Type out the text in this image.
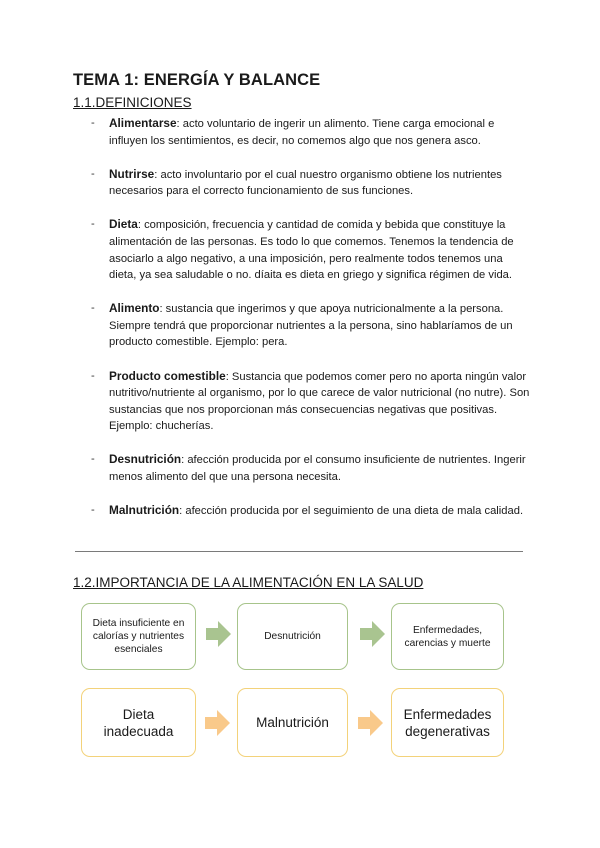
TEMA 1: ENERGÍA Y BALANCE
1.1.DEFINICIONES
- Alimentarse: acto voluntario de ingerir un alimento. Tiene carga emocional e influyen los sentimientos, es decir, no comemos algo que nos genera asco.
- Nutrirse: acto involuntario por el cual nuestro organismo obtiene los nutrientes necesarios para el correcto funcionamiento de sus funciones.
- Dieta: composición, frecuencia y cantidad de comida y bebida que constituye la alimentación de las personas. Es todo lo que comemos. Tenemos la tendencia de asociarlo a algo negativo, a una imposición, pero realmente todos tenemos una dieta, ya sea saludable o no. díaita es dieta en griego y significa régimen de vida.
- Alimento: sustancia que ingerimos y que apoya nutricionalmente a la persona. Siempre tendrá que proporcionar nutrientes a la persona, sino hablaríamos de un producto comestible. Ejemplo: pera.
- Producto comestible: Sustancia que podemos comer pero no aporta ningún valor nutritivo/nutriente al organismo, por lo que carece de valor nutricional (no nutre). Son sustancias que nos proporcionan más consecuencias negativas que positivas. Ejemplo: chucherías.
- Desnutrición: afección producida por el consumo insuficiente de nutrientes. Ingerir menos alimento del que una persona necesita.
- Malnutrición: afección producida por el seguimiento de una dieta de mala calidad.
1.2.IMPORTANCIA DE LA ALIMENTACIÓN EN LA SALUD
Dieta insuficiente en calorías y nutrientes esenciales
Desnutrición
Enfermedades, carencias y muerte
Dieta inadecuada
Malnutrición
Enfermedades degenerativas
